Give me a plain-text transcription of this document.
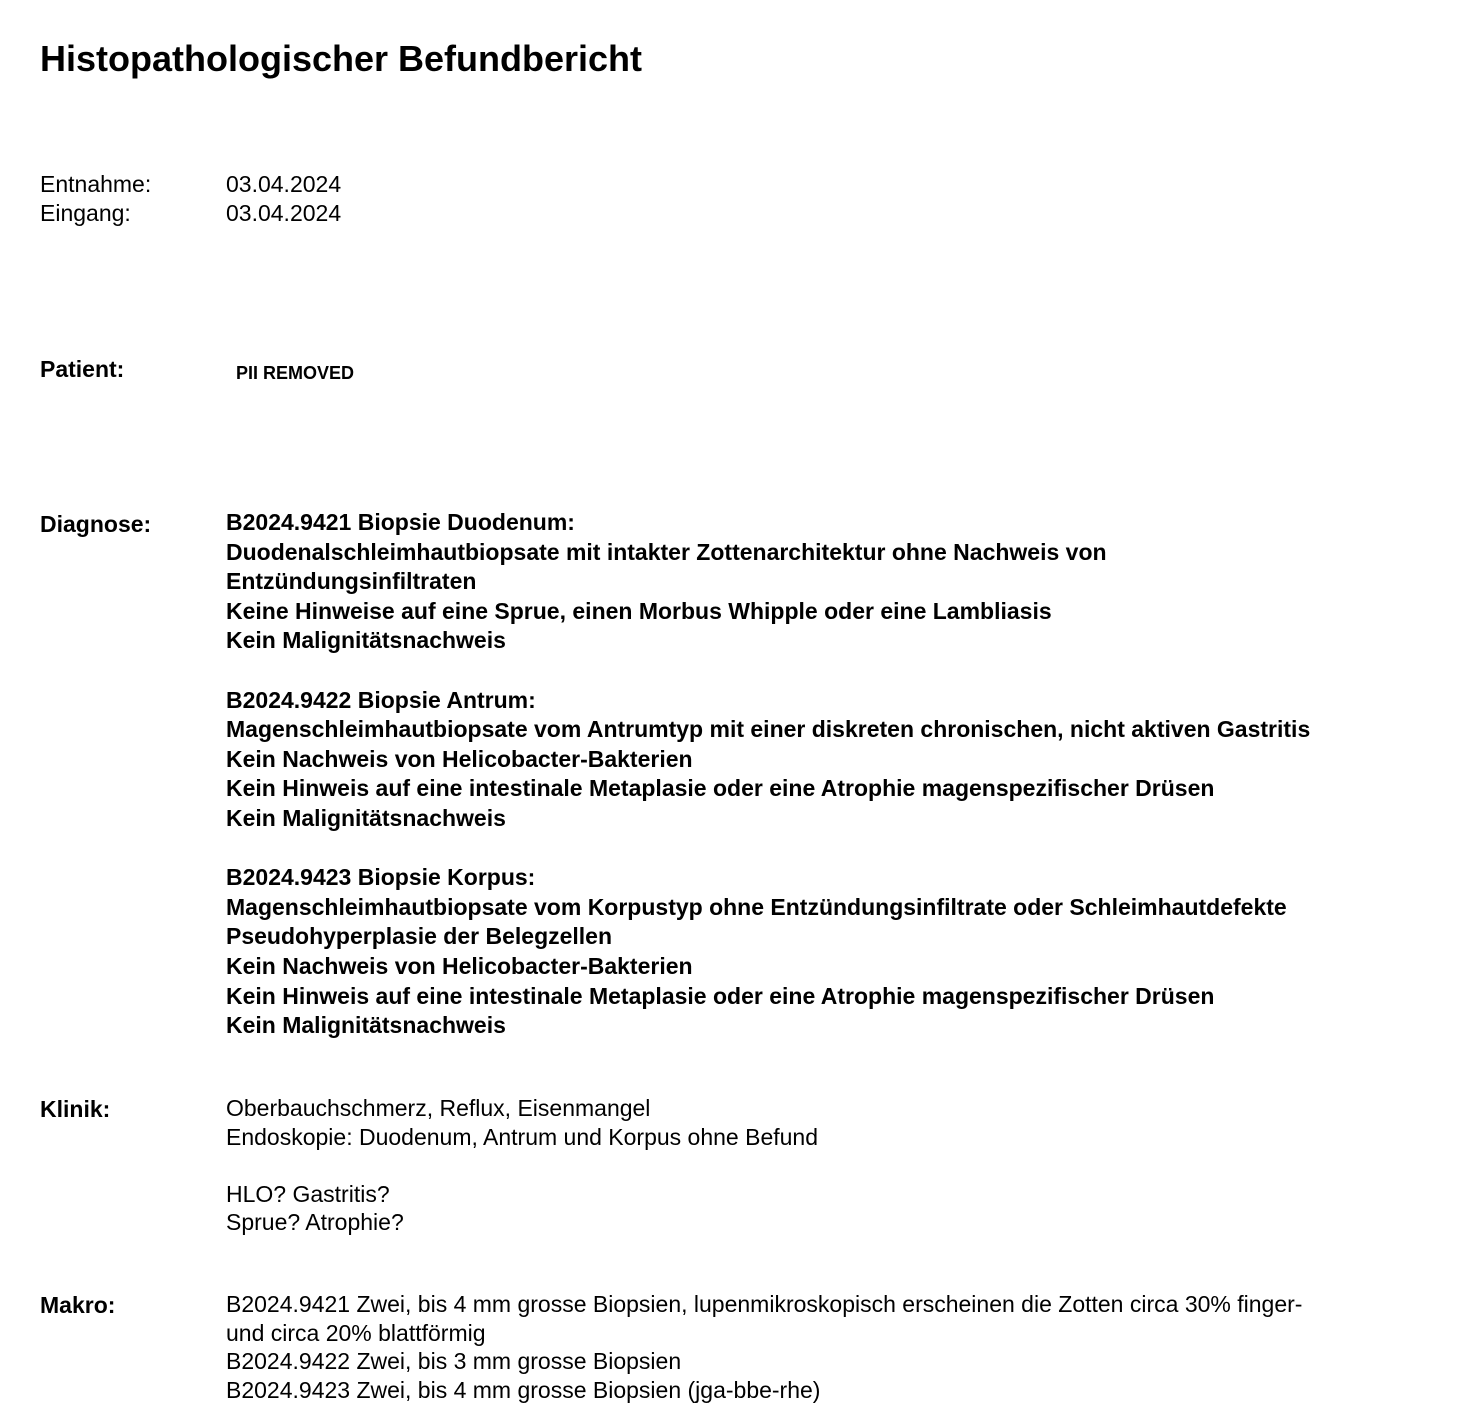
Histopathologischer Befundbericht
Entnahme:	03.04.2024
Eingang:	03.04.2024
Patient:	PII REMOVED
Diagnose:	B2024.9421 Biopsie Duodenum:
Duodenalschleimhautbiopsate mit intakter Zottenarchitektur ohne Nachweis von
Entzündungsinfiltraten
Keine Hinweise auf eine Sprue, einen Morbus Whipple oder eine Lambliasis
Kein Malignitätsnachweis
B2024.9422 Biopsie Antrum:
Magenschleimhautbiopsate vom Antrumtyp mit einer diskreten chronischen, nicht aktiven Gastritis
Kein Nachweis von Helicobacter-Bakterien
Kein Hinweis auf eine intestinale Metaplasie oder eine Atrophie magenspezifischer Drüsen
Kein Malignitätsnachweis
B2024.9423 Biopsie Korpus:
Magenschleimhautbiopsate vom Korpustyp ohne Entzündungsinfiltrate oder Schleimhautdefekte
Pseudohyperplasie der Belegzellen
Kein Nachweis von Helicobacter-Bakterien
Kein Hinweis auf eine intestinale Metaplasie oder eine Atrophie magenspezifischer Drüsen
Kein Malignitätsnachweis
Klinik:	Oberbauchschmerz, Reflux, Eisenmangel
Endoskopie: Duodenum, Antrum und Korpus ohne Befund
HLO? Gastritis?
Sprue? Atrophie?
Makro:	B2024.9421 Zwei, bis 4 mm grosse Biopsien, lupenmikroskopisch erscheinen die Zotten circa 30% finger-
und circa 20% blattförmig
B2024.9422 Zwei, bis 3 mm grosse Biopsien
B2024.9423 Zwei, bis 4 mm grosse Biopsien (jga-bbe-rhe)
